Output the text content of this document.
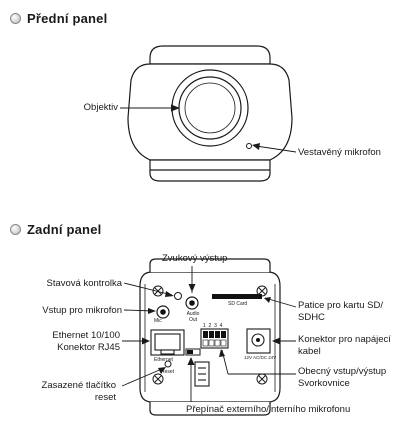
Přední panel
Zadní panel
Mic
Audio
Out
SD Card
Ethernet
Reset
1  2  3  4
12V AC/DC 24V
Objektiv
Vestavěný mikrofon
Zvukový výstup
Stavová kontrolka
Vstup pro mikrofon
Ethernet 10/100
Konektor RJ45
Zasazené tlačítko
reset
Přepínač externího/interního mikrofonu
Patice pro kartu SD/
SDHC
Konektor pro napájecí
kabel
Obecný vstup/výstup
Svorkovnice
